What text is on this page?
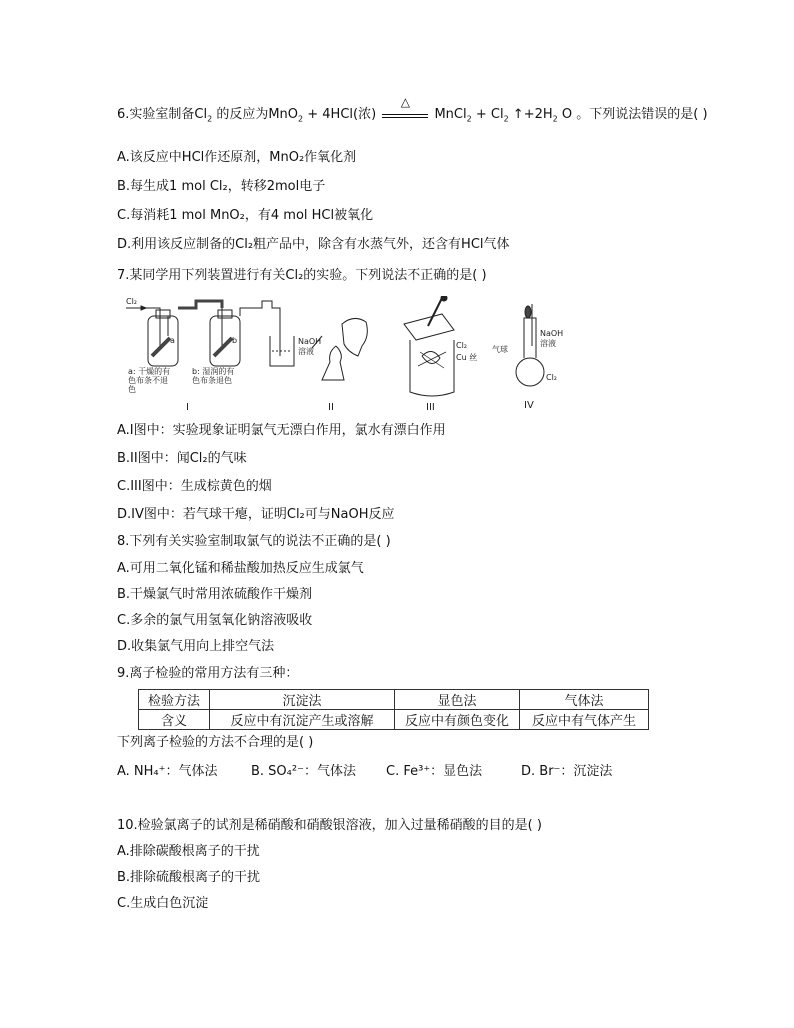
6.实验室制备$Cl_2$ 的反应为MnO$_2$ + 4HCl(浓)
△
MnCl$_2$ + $Cl_2$ $↑+2H_2$ O 。下列说法错误的是( )
A.该反应中HCl作还原剂，MnO₂作氧化剂
B.每生成1 mol Cl₂，转移2mol电子
C.每消耗1 mol MnO₂，有4 mol HCl被氧化
D.利用该反应制备的Cl₂粗产品中，除含有水蒸气外，还含有HCl气体
7.某同学用下列装置进行有关Cl₂的实验。下列说法不正确的是( )
Cl₂
a	b	NaOH
溶液
a: 干燥的有
色布条不退
色
b: 湿润的有
色布条退色
I	II
Cl₂
Cu 丝
III
NaOH
溶液
气球
Cl₂
IV
A.I图中：实验现象证明氯气无漂白作用，氯水有漂白作用
B.II图中：闻Cl₂的气味
C.III图中：生成棕黄色的烟
D.IV图中：若气球干瘪，证明Cl₂可与NaOH反应
8.下列有关实验室制取氯气的说法不正确的是( )
A.可用二氧化锰和稀盐酸加热反应生成氯气
B.干燥氯气时常用浓硫酸作干燥剂
C.多余的氯气用氢氧化钠溶液吸收
D.收集氯气用向上排空气法
9.离子检验的常用方法有三种：
检验方法	沉淀法	显色法	气体法
含义	反应中有沉淀产生或溶解	反应中有颜色变化	反应中有气体产生
下列离子检验的方法不合理的是( )
A. NH₄⁺：气体法	B. SO₄²⁻：气体法 C. Fe³⁺：显色法	D. Br⁻：沉淀法
10.检验氯离子的试剂是稀硝酸和硝酸银溶液，加入过量稀硝酸的目的是( )
A.排除碳酸根离子的干扰
B.排除硫酸根离子的干扰
C.生成白色沉淀
